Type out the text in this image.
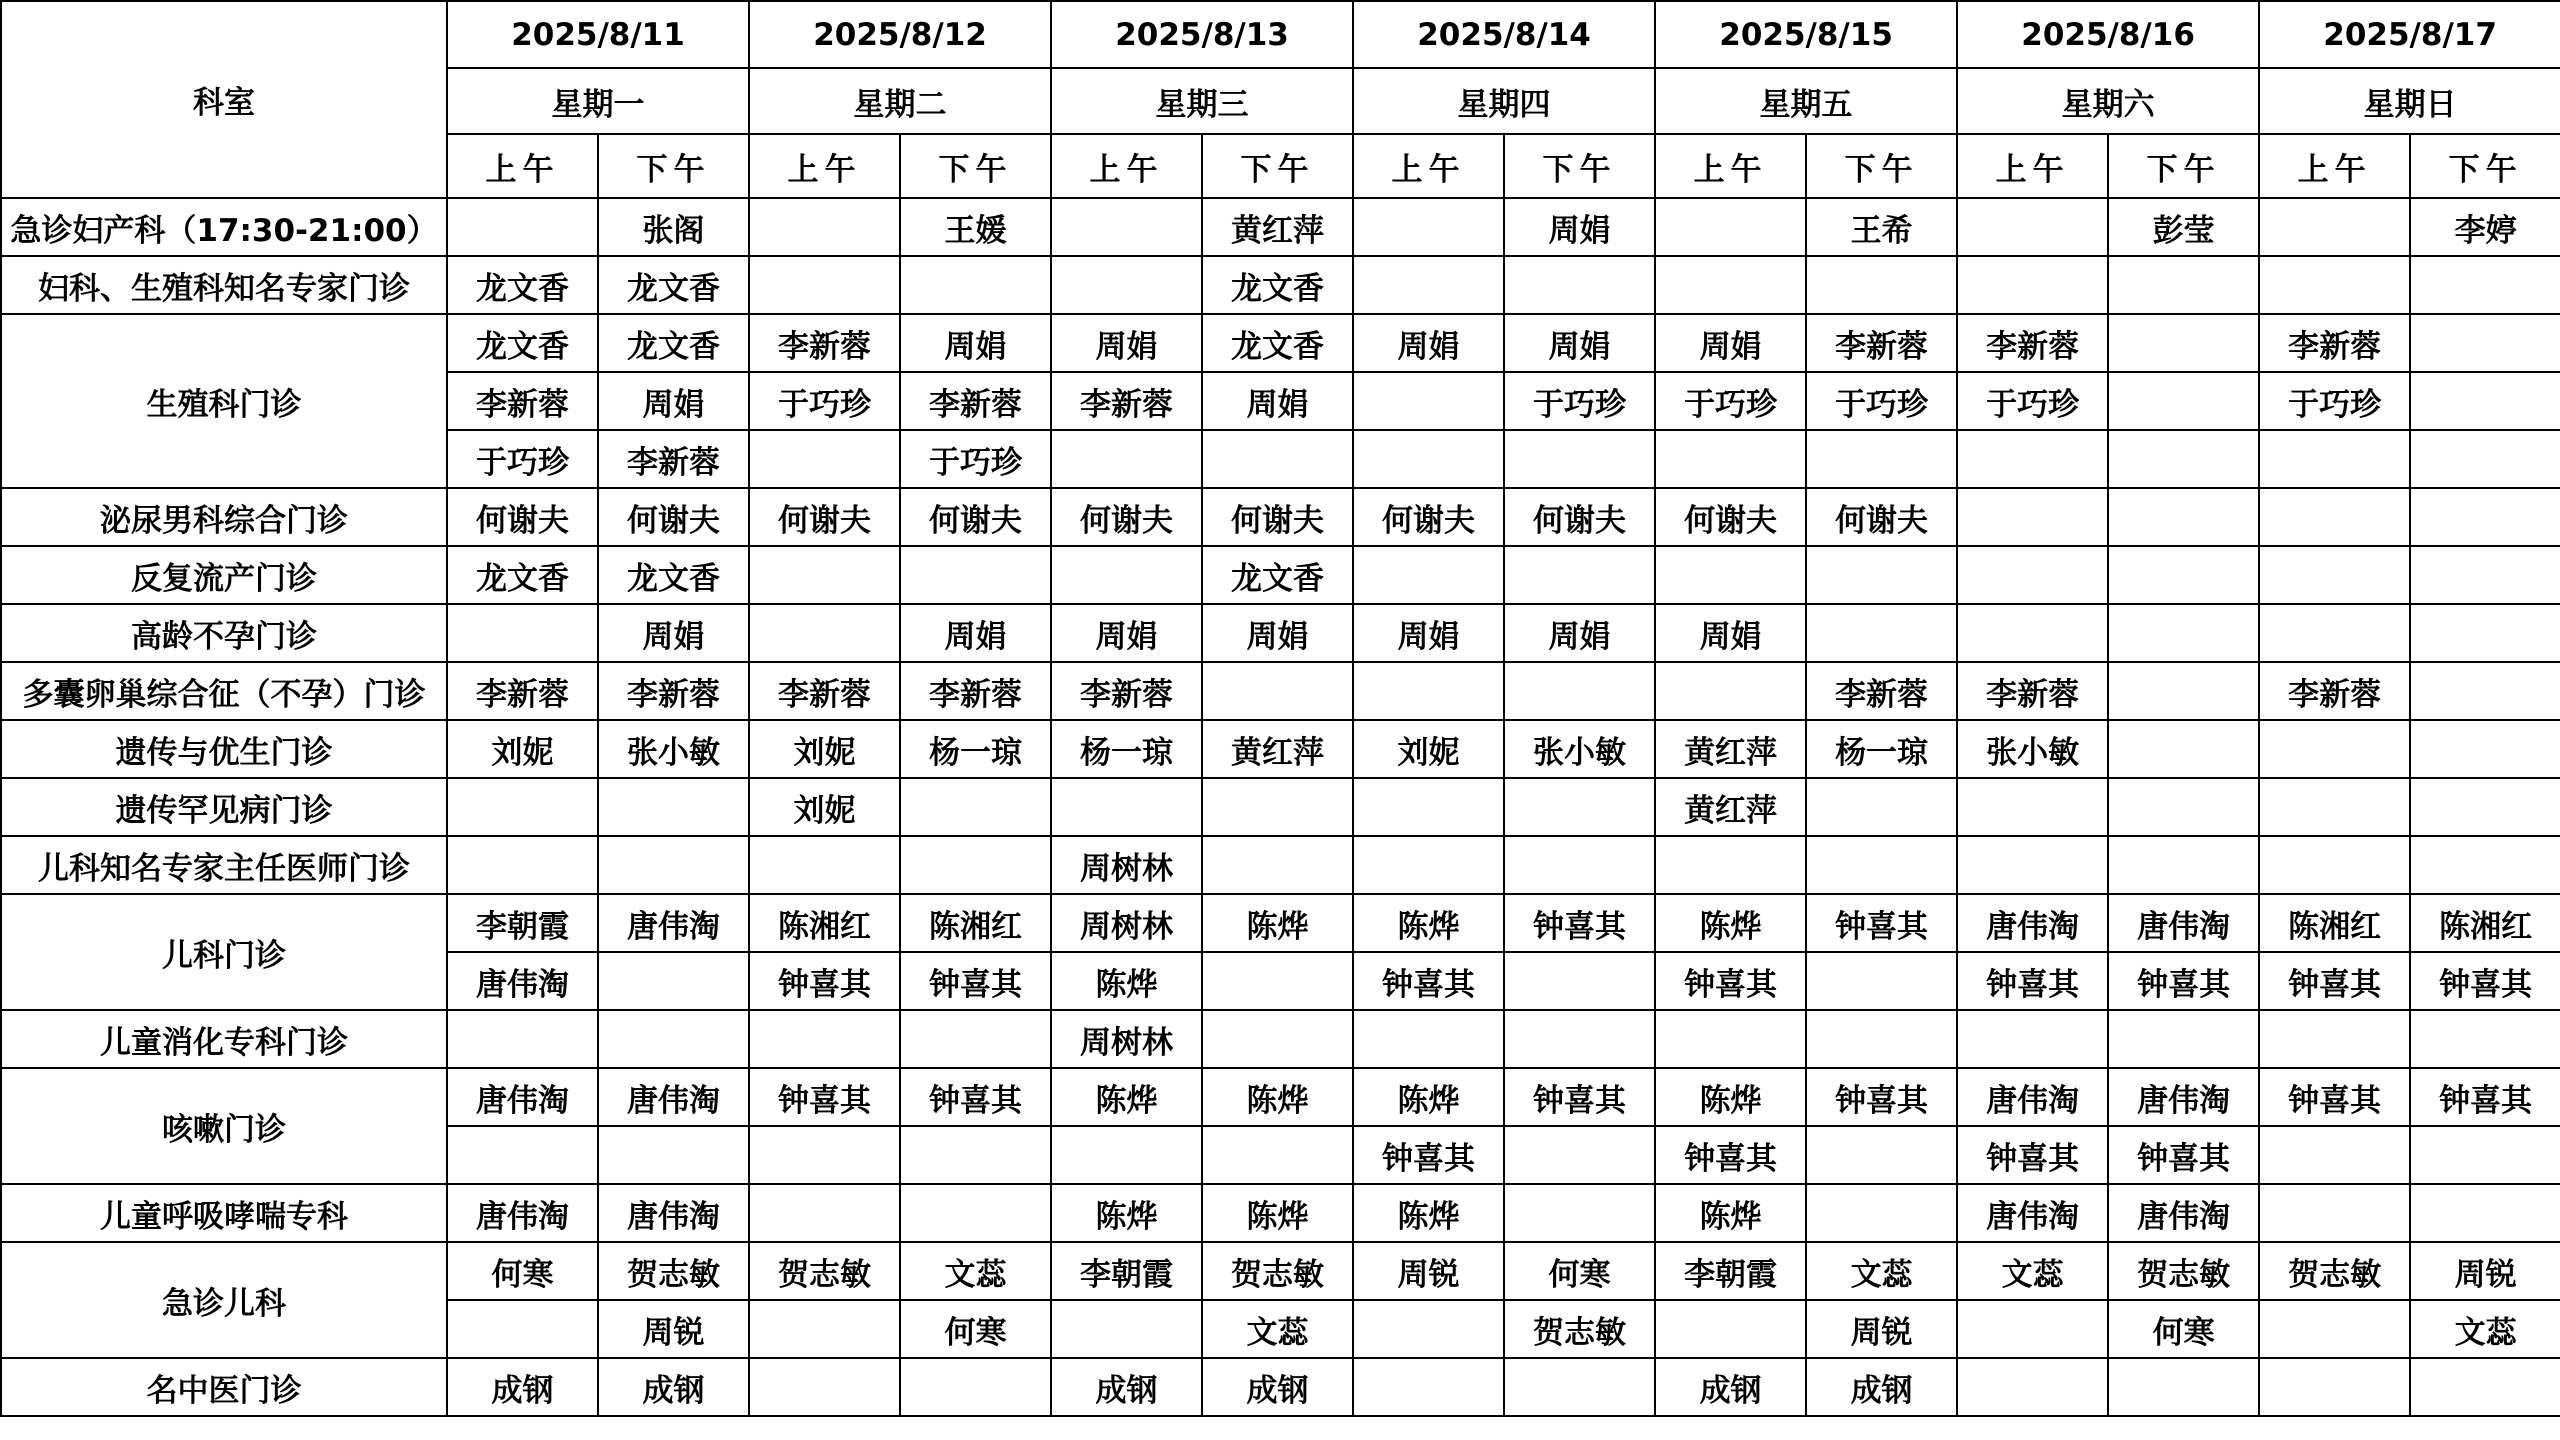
科室	2025/8/11		2025/8/12		2025/8/13		2025/8/14		2025/8/15		2025/8/16		2025/8/17	
	星期一		星期二		星期三		星期四		星期五		星期六		星期日	
	上午	下午	上午	下午	上午	下午	上午	下午	上午	下午	上午	下午	上午	下午
急诊妇产科（17:30-21:00）		张阁		王媛		黄红萍		周娟		王希		彭莹		李婷
妇科、生殖科知名专家门诊	龙文香	龙文香				龙文香								
生殖科门诊	龙文香	龙文香	李新蓉	周娟	周娟	龙文香	周娟	周娟	周娟	李新蓉	李新蓉		李新蓉	
	李新蓉	周娟	于巧珍	李新蓉	李新蓉	周娟		于巧珍	于巧珍	于巧珍	于巧珍		于巧珍	
	于巧珍	李新蓉		于巧珍										
泌尿男科综合门诊	何谢夫	何谢夫	何谢夫	何谢夫	何谢夫	何谢夫	何谢夫	何谢夫	何谢夫	何谢夫				
反复流产门诊	龙文香	龙文香				龙文香								
高龄不孕门诊		周娟		周娟	周娟	周娟	周娟	周娟	周娟					
多囊卵巢综合征（不孕）门诊	李新蓉	李新蓉	李新蓉	李新蓉	李新蓉					李新蓉	李新蓉		李新蓉	
遗传与优生门诊	刘妮	张小敏	刘妮	杨一琼	杨一琼	黄红萍	刘妮	张小敏	黄红萍	杨一琼	张小敏			
遗传罕见病门诊			刘妮						黄红萍					
儿科知名专家主任医师门诊					周树林									
儿科门诊	李朝霞	唐伟淘	陈湘红	陈湘红	周树林	陈烨	陈烨	钟喜其	陈烨	钟喜其	唐伟淘	唐伟淘	陈湘红	陈湘红
	唐伟淘		钟喜其	钟喜其	陈烨		钟喜其		钟喜其		钟喜其	钟喜其	钟喜其	钟喜其
儿童消化专科门诊					周树林									
咳嗽门诊	唐伟淘	唐伟淘	钟喜其	钟喜其	陈烨	陈烨	陈烨	钟喜其	陈烨	钟喜其	唐伟淘	唐伟淘	钟喜其	钟喜其
							钟喜其		钟喜其		钟喜其	钟喜其		
儿童呼吸哮喘专科	唐伟淘	唐伟淘			陈烨	陈烨	陈烨		陈烨		唐伟淘	唐伟淘		
急诊儿科	何寒	贺志敏	贺志敏	文蕊	李朝霞	贺志敏	周锐	何寒	李朝霞	文蕊	文蕊	贺志敏	贺志敏	周锐
		周锐		何寒		文蕊		贺志敏		周锐		何寒		文蕊
名中医门诊	成钢	成钢			成钢	成钢			成钢	成钢				
